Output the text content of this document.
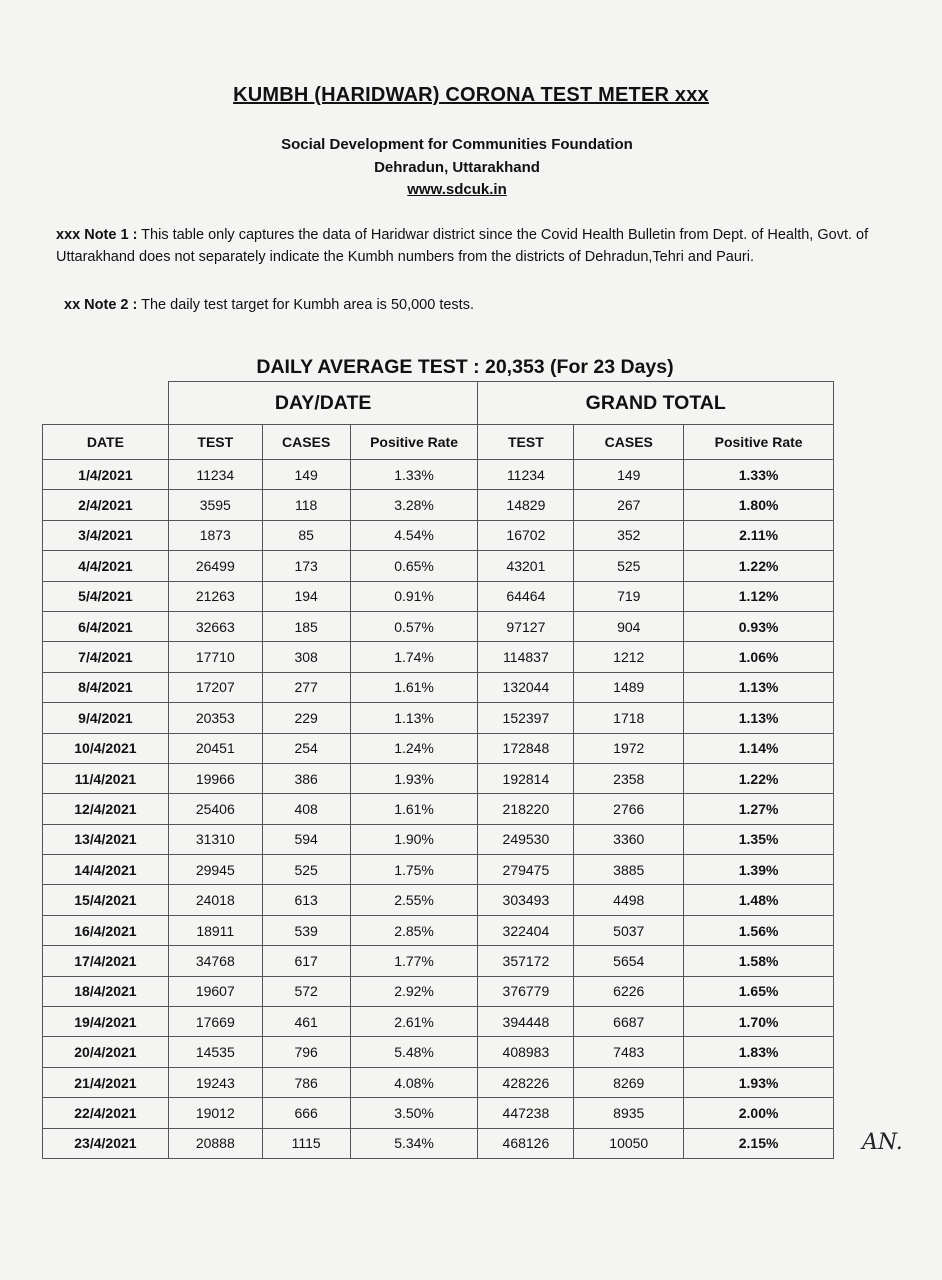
KUMBH (HARIDWAR) CORONA TEST METER xxx
Social Development for Communities Foundation
Dehradun, Uttarakhand
www.sdcuk.in
xxx Note 1 : This table only captures the data of Haridwar district since the Covid Health Bulletin from Dept. of Health, Govt. of Uttarakhand does not separately indicate the Kumbh numbers from the districts of Dehradun,Tehri and Pauri.
xx Note 2 : The daily test target for Kumbh area is 50,000 tests.
DAILY AVERAGE TEST : 20,353 (For 23 Days)
	DAY/DATE			GRAND TOTAL		
DATE	TEST	CASES	Positive Rate	TEST	CASES	Positive Rate
1/4/2021	11234	149	1.33%	11234	149	1.33%
2/4/2021	3595	118	3.28%	14829	267	1.80%
3/4/2021	1873	85	4.54%	16702	352	2.11%
4/4/2021	26499	173	0.65%	43201	525	1.22%
5/4/2021	21263	194	0.91%	64464	719	1.12%
6/4/2021	32663	185	0.57%	97127	904	0.93%
7/4/2021	17710	308	1.74%	114837	1212	1.06%
8/4/2021	17207	277	1.61%	132044	1489	1.13%
9/4/2021	20353	229	1.13%	152397	1718	1.13%
10/4/2021	20451	254	1.24%	172848	1972	1.14%
11/4/2021	19966	386	1.93%	192814	2358	1.22%
12/4/2021	25406	408	1.61%	218220	2766	1.27%
13/4/2021	31310	594	1.90%	249530	3360	1.35%
14/4/2021	29945	525	1.75%	279475	3885	1.39%
15/4/2021	24018	613	2.55%	303493	4498	1.48%
16/4/2021	18911	539	2.85%	322404	5037	1.56%
17/4/2021	34768	617	1.77%	357172	5654	1.58%
18/4/2021	19607	572	2.92%	376779	6226	1.65%
19/4/2021	17669	461	2.61%	394448	6687	1.70%
20/4/2021	14535	796	5.48%	408983	7483	1.83%
21/4/2021	19243	786	4.08%	428226	8269	1.93%
22/4/2021	19012	666	3.50%	447238	8935	2.00%
23/4/2021	20888	1115	5.34%	468126	10050	2.15%	AN.
